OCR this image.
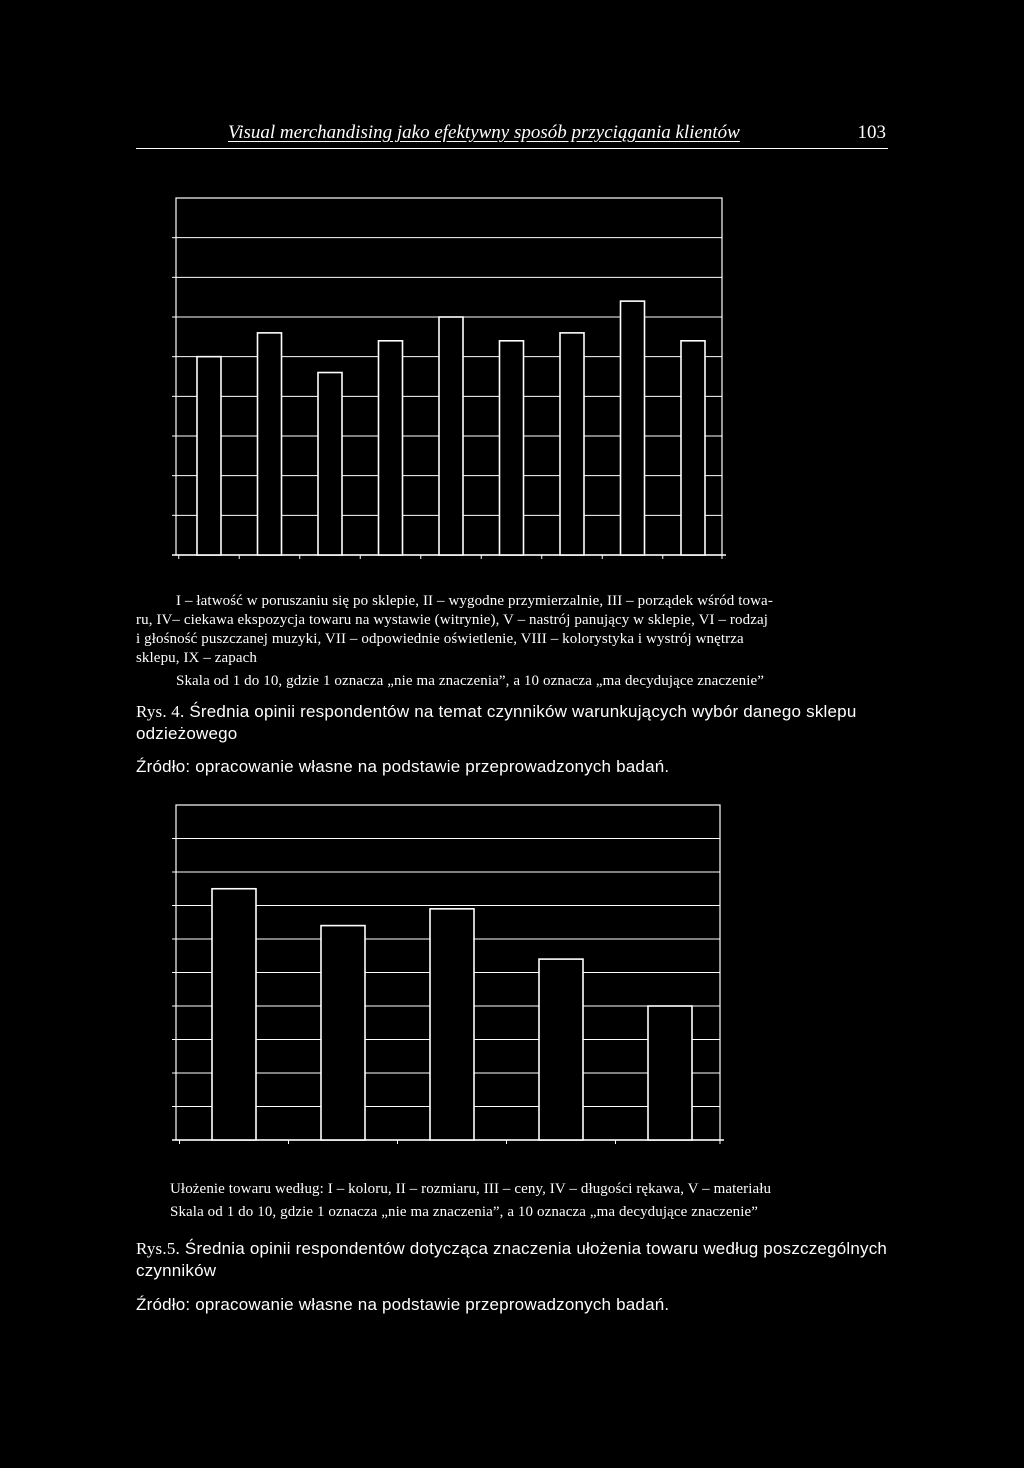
Visual merchandising jako efektywny sposób przyciągania klientów	103

I – łatwość w poruszaniu się po sklepie, II – wygodne przymierzalnie, III – porządek wśród towa-

ru, IV– ciekawa ekspozycja towaru na wystawie (witrynie), V – nastrój panujący w sklepie, VI – rodzaj

i głośność puszczanej muzyki, VII – odpowiednie oświetlenie, VIII – kolorystyka i wystrój wnętrza

sklepu, IX – zapach

Skala od 1 do 10, gdzie 1 oznacza „nie ma znaczenia”, a 10 oznacza „ma decydujące znaczenie”

Rys. 4. Średnia opinii respondentów na temat czynników warunkujących wybór danego sklepu odzieżowego
Źródło: opracowanie własne na podstawie przeprowadzonych badań.

Ułożenie towaru według: I – koloru, II – rozmiaru, III – ceny, IV – długości rękawa, V – materiału

Skala od 1 do 10, gdzie 1 oznacza „nie ma znaczenia”, a 10 oznacza „ma decydujące znaczenie”

Rys.5. Średnia opinii respondentów dotycząca znaczenia ułożenia towaru według poszczególnych czynników
Źródło: opracowanie własne na podstawie przeprowadzonych badań.
